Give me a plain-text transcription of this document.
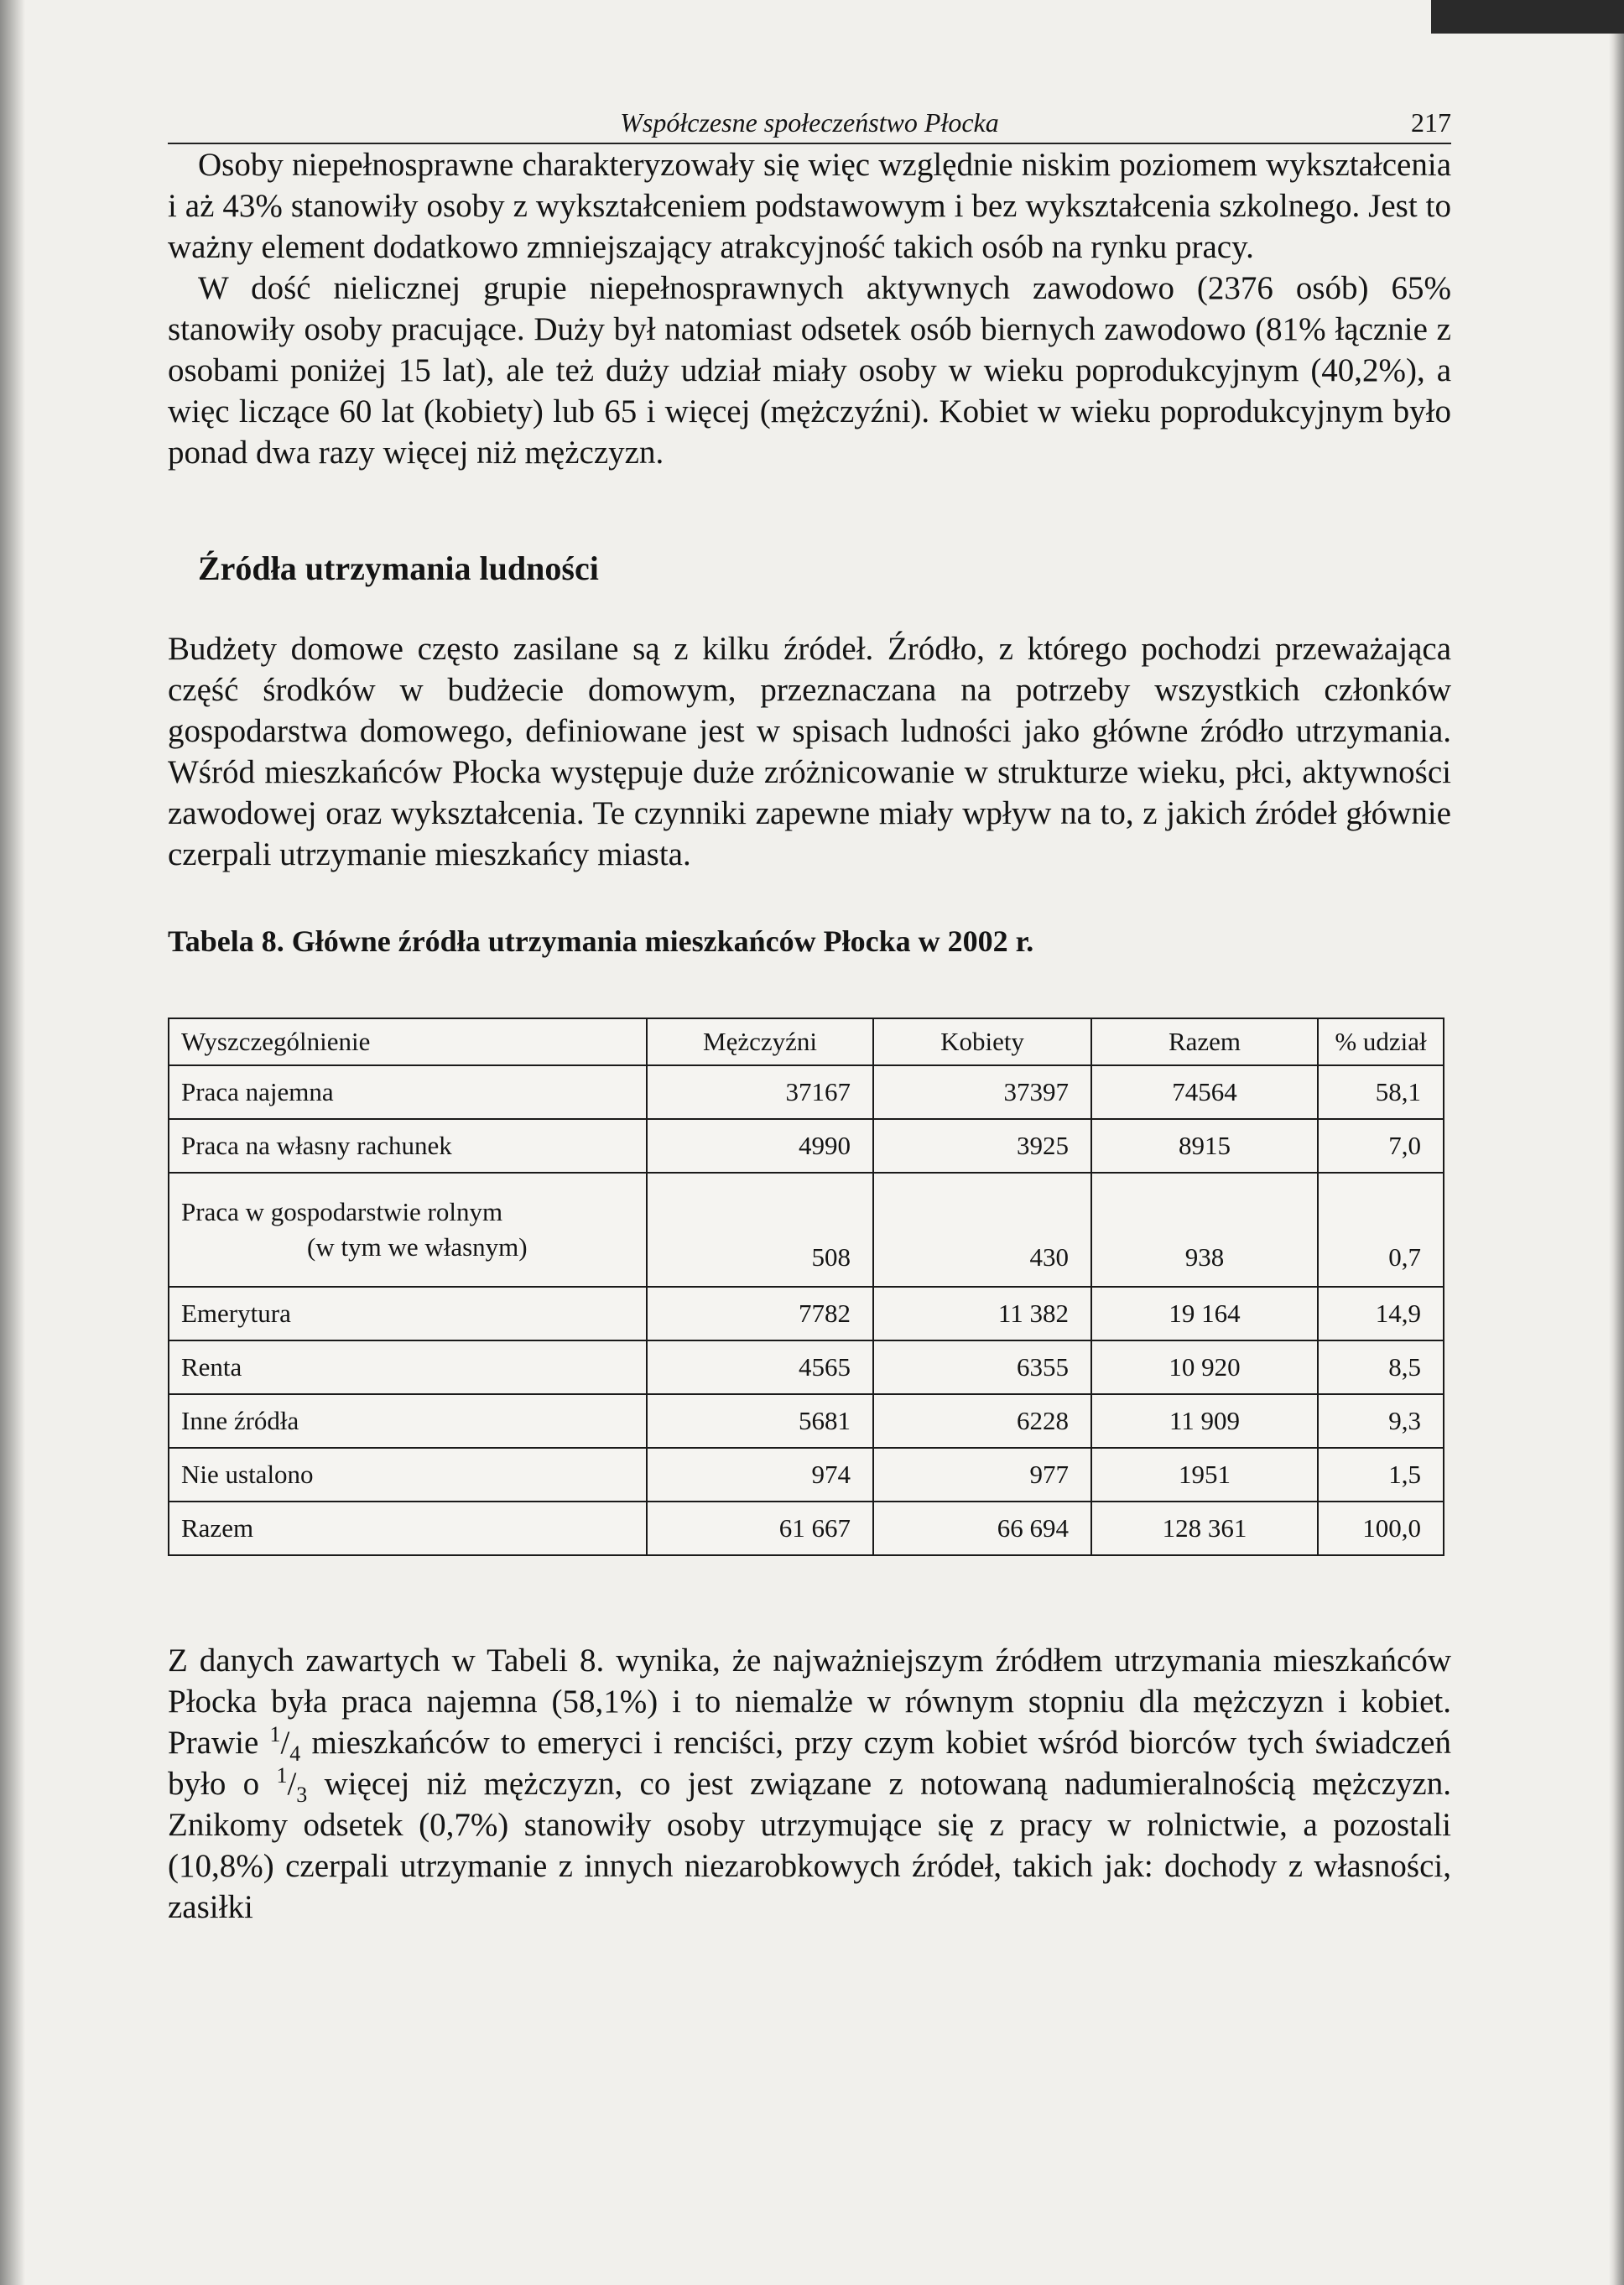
Współczesne społeczeństwo Płocka	217

Osoby niepełnosprawne charakteryzowały się więc względnie niskim poziomem wykształcenia i aż 43% stanowiły osoby z wykształceniem podstawowym i bez wykształcenia szkolnego. Jest to ważny element dodatkowo zmniejszający atrakcyjność takich osób na rynku pracy.

W dość nielicznej grupie niepełnosprawnych aktywnych zawodowo (2376 osób) 65% stanowiły osoby pracujące. Duży był natomiast odsetek osób biernych zawodowo (81% łącznie z osobami poniżej 15 lat), ale też duży udział miały osoby w wieku poprodukcyjnym (40,2%), a więc liczące 60 lat (kobiety) lub 65 i więcej (mężczyźni). Kobiet w wieku poprodukcyjnym było ponad dwa razy więcej niż mężczyzn.

Źródła utrzymania ludności

Budżety domowe często zasilane są z kilku źródeł. Źródło, z którego pochodzi przeważająca część środków w budżecie domowym, przeznaczana na potrzeby wszystkich członków gospodarstwa domowego, definiowane jest w spisach ludności jako główne źródło utrzymania. Wśród mieszkańców Płocka występuje duże zróżnicowanie w strukturze wieku, płci, aktywności zawodowej oraz wykształcenia. Te czynniki zapewne miały wpływ na to, z jakich źródeł głównie czerpali utrzymanie mieszkańcy miasta.

Tabela 8. Główne źródła utrzymania mieszkańców Płocka w 2002 r.
Wyszczególnienie	Mężczyźni	Kobiety	Razem	% udział
Praca najemna	37167	37397	74564	58,1
Praca na własny rachunek	4990	3925	8915	7,0
Praca w gospodarstwie rolnym
(w tym we własnym)	508	430	938	0,7
Emerytura	7782	11 382	19 164	14,9
Renta	4565	6355	10 920	8,5
Inne źródła	5681	6228	11 909	9,3
Nie ustalono	974	977	1951	1,5
Razem	61 667	66 694	128 361	100,0

Z danych zawartych w Tabeli 8. wynika, że najważniejszym źródłem utrzymania mieszkańców Płocka była praca najemna (58,1%) i to niemalże w równym stopniu dla mężczyzn i kobiet. Prawie $^1/_4$ mieszkańców to emeryci i renciści, przy czym kobiet wśród biorców tych świadczeń było o $^1/_3$ więcej niż mężczyzn, co jest związane z notowaną nadumieralnością mężczyzn. Znikomy odsetek (0,7%) stanowiły osoby utrzymujące się z pracy w rolnictwie, a pozostali (10,8%) czerpali utrzymanie z innych niezarobkowych źródeł, takich jak: dochody z własności, zasiłki
